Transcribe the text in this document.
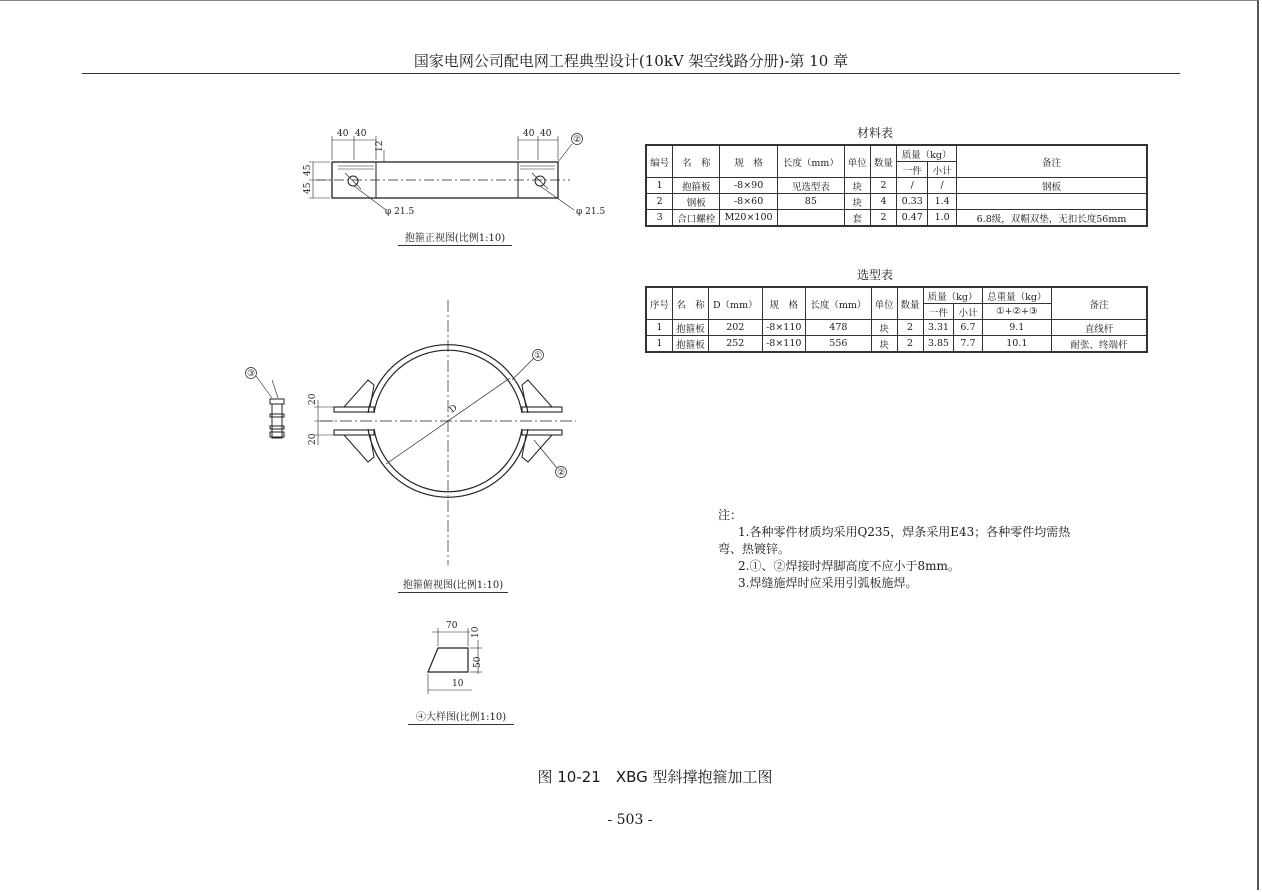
国家电网公司配电网工程典型设计(10kV 架空线路分册)-第 10 章
40 40	40 40
12
45
45
φ 21.5	φ 21.5
②
20
20
D
①
②
③
70
10
50
10
抱箍正视图(比例1:10)
抱箍俯视图(比例1:10)
④大样图(比例1:10)
材料表
编号	名　称	规　格	长度（mm）	单位	数量	质量（kg）		备注
						一件	小计	
1	抱箍板	-8×90	见选型表	块	2	/	/	钢板
2	钢板	-8×60	85	块	4	0.33	1.4	
3	合口螺栓	M20×100		套	2	0.47	1.0	6.8级，双帽双垫，无扣长度56mm
选型表
序号	名　称	D（mm）	规　格	长度（mm）	单位	数量	质量（kg）		总重量（kg）	备注
							一件	小计	①+②+③	
1	抱箍板	202	-8×110	478	块	2	3.31	6.7	9.1	直线杆
1	抱箍板	252	-8×110	556	块	2	3.85	7.7	10.1	耐张、终端杆
注：
1.各种零件材质均采用Q235，焊条采用E43；各种零件均需热
弯、热镀锌。
2.①、②焊接时焊脚高度不应小于8mm。
3.焊缝施焊时应采用引弧板施焊。
图 10-21　XBG 型斜撑抱箍加工图
- 503 -
